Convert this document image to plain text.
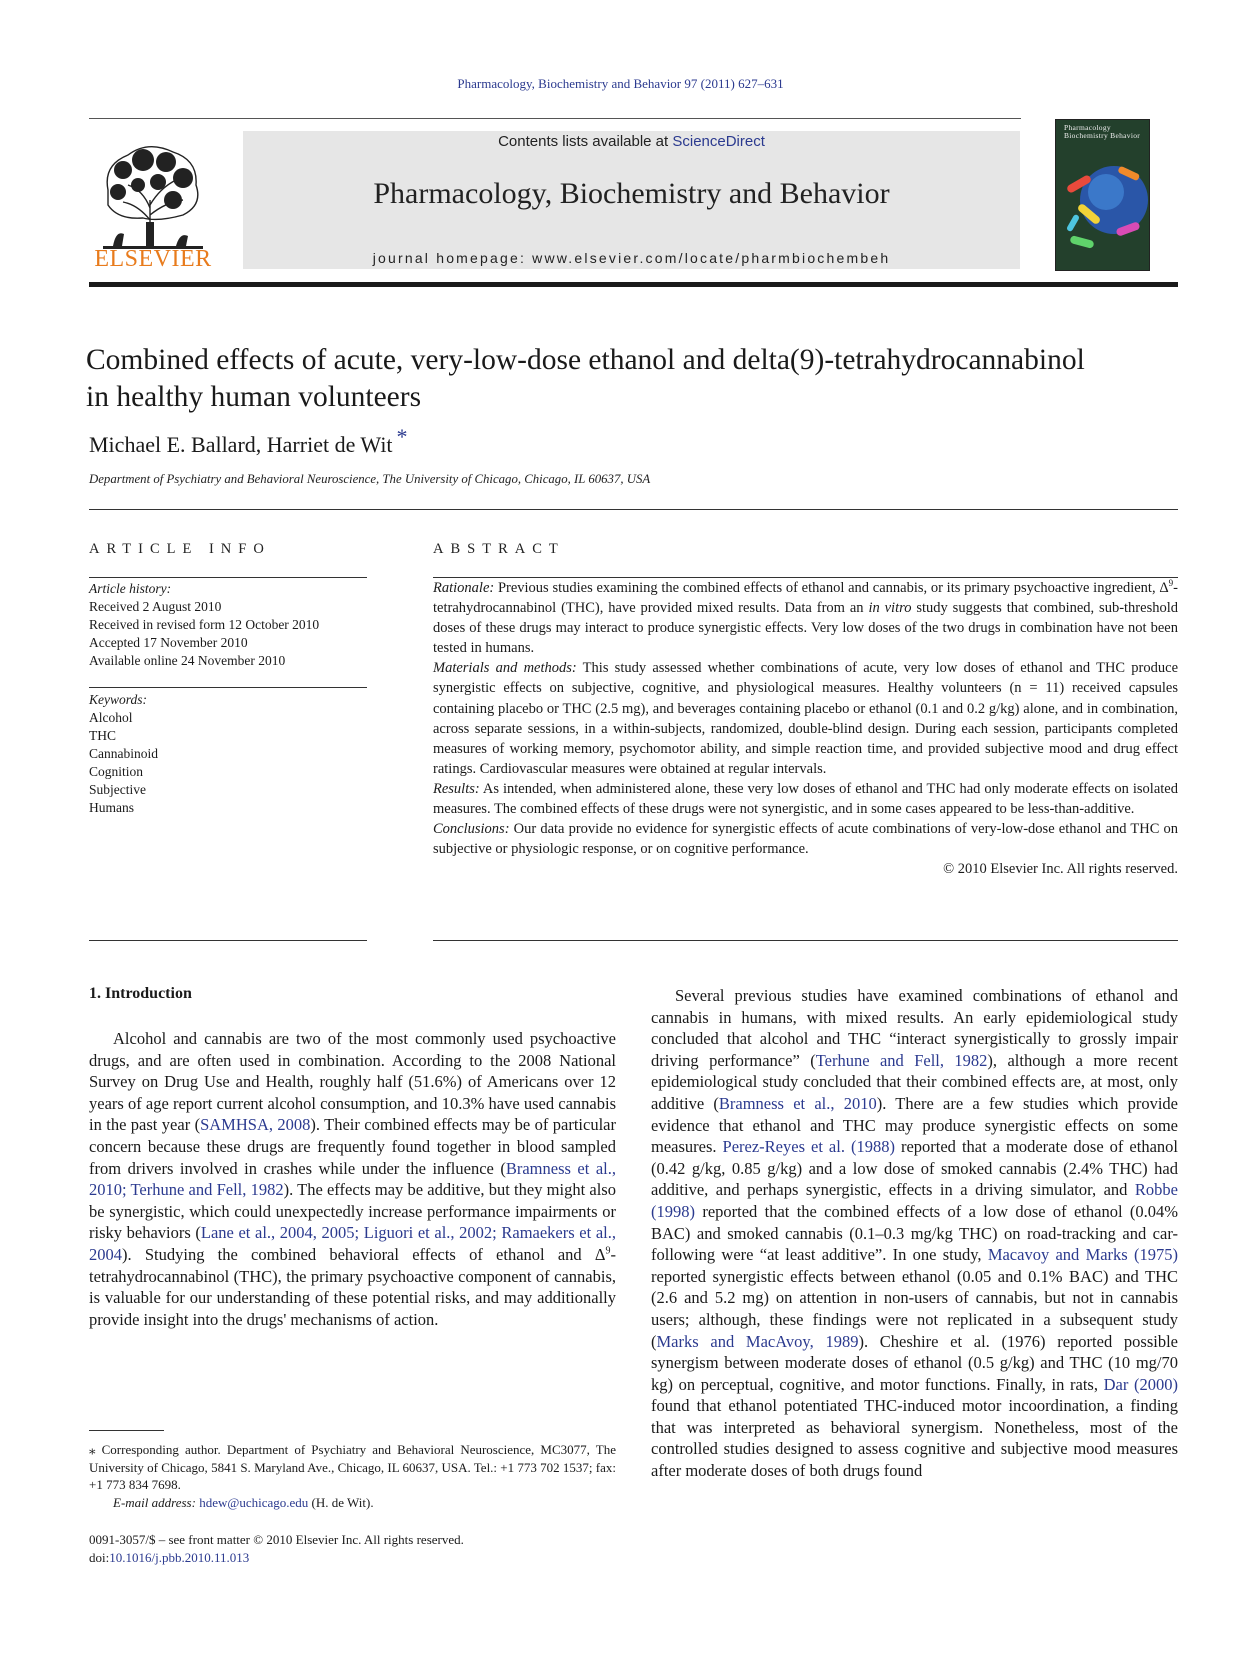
Pharmacology, Biochemistry and Behavior 97 (2011) 627–631
ELSEVIER
Contents lists available at ScienceDirect
Pharmacology, Biochemistry and Behavior
journal homepage: www.elsevier.com/locate/pharmbiochembeh
Pharmacology Biochemistry Behavior
Combined effects of acute, very-low-dose ethanol and delta(9)-tetrahydrocannabinol
in healthy human volunteers
Michael E. Ballard, Harriet de Wit *
Department of Psychiatry and Behavioral Neuroscience, The University of Chicago, Chicago, IL 60637, USA
ARTICLE INFO	ABSTRACT
Article history:
Received 2 August 2010
Received in revised form 12 October 2010
Accepted 17 November 2010
Available online 24 November 2010
Keywords:
Alcohol
THC
Cannabinoid
Cognition
Subjective
Humans

Rationale: Previous studies examining the combined effects of ethanol and cannabis, or its primary psychoactive ingredient, $\Delta^9$-tetrahydrocannabinol (THC), have provided mixed results. Data from an in vitro study suggests that combined, sub-threshold doses of these drugs may interact to produce synergistic effects. Very low doses of the two drugs in combination have not been tested in humans.

Materials and methods: This study assessed whether combinations of acute, very low doses of ethanol and THC produce synergistic effects on subjective, cognitive, and physiological measures. Healthy volunteers (n = 11) received capsules containing placebo or THC (2.5 mg), and beverages containing placebo or ethanol (0.1 and 0.2 g/kg) alone, and in combination, across separate sessions, in a within-subjects, randomized, double-blind design. During each session, participants completed measures of working memory, psychomotor ability, and simple reaction time, and provided subjective mood and drug effect ratings. Cardiovascular measures were obtained at regular intervals.

Results: As intended, when administered alone, these very low doses of ethanol and THC had only moderate effects on isolated measures. The combined effects of these drugs were not synergistic, and in some cases appeared to be less-than-additive.

Conclusions: Our data provide no evidence for synergistic effects of acute combinations of very-low-dose ethanol and THC on subjective or physiologic response, or on cognitive performance.

© 2010 Elsevier Inc. All rights reserved.

1. Introduction

Alcohol and cannabis are two of the most commonly used psychoactive drugs, and are often used in combination. According to the 2008 National Survey on Drug Use and Health, roughly half (51.6%) of Americans over 12 years of age report current alcohol consumption, and 10.3% have used cannabis in the past year (SAMHSA, 2008). Their combined effects may be of particular concern because these drugs are frequently found together in blood sampled from drivers involved in crashes while under the influence (Bramness et al., 2010; Terhune and Fell, 1982). The effects may be additive, but they might also be synergistic, which could unexpectedly increase performance impairments or risky behaviors (Lane et al., 2004, 2005; Liguori et al., 2002; Ramaekers et al., 2004). Studying the combined behavioral effects of ethanol and $\Delta^9$-tetrahydrocannabinol (THC), the primary psychoactive component of cannabis, is valuable for our understanding of these potential risks, and may additionally provide insight into the drugs' mechanisms of action.

Several previous studies have examined combinations of ethanol and cannabis in humans, with mixed results. An early epidemiological study concluded that alcohol and THC “interact synergistically to grossly impair driving performance” (Terhune and Fell, 1982), although a more recent epidemiological study concluded that their combined effects are, at most, only additive (Bramness et al., 2010). There are a few studies which provide evidence that ethanol and THC may produce synergistic effects on some measures. Perez-Reyes et al. (1988) reported that a moderate dose of ethanol (0.42 g/kg, 0.85 g/kg) and a low dose of smoked cannabis (2.4% THC) had additive, and perhaps synergistic, effects in a driving simulator, and Robbe (1998) reported that the combined effects of a low dose of ethanol (0.04% BAC) and smoked cannabis (0.1–0.3 mg/kg THC) on road-tracking and car-following were “at least additive”. In one study, Macavoy and Marks (1975) reported synergistic effects between ethanol (0.05 and 0.1% BAC) and THC (2.6 and 5.2 mg) on attention in non-users of cannabis, but not in cannabis users; although, these findings were not replicated in a subsequent study (Marks and MacAvoy, 1989). Cheshire et al. (1976) reported possible synergism between moderate doses of ethanol (0.5 g/kg) and THC (10 mg/70 kg) on perceptual, cognitive, and motor functions. Finally, in rats, Dar (2000) found that ethanol potentiated THC-induced motor incoordination, a finding that was interpreted as behavioral synergism. Nonetheless, most of the controlled studies designed to assess cognitive and subjective mood measures after moderate doses of both drugs found

⁎ Corresponding author. Department of Psychiatry and Behavioral Neuroscience, MC3077, The University of Chicago, 5841 S. Maryland Ave., Chicago, IL 60637, USA. Tel.: +1 773 702 1537; fax: +1 773 834 7698.

E-mail address: hdew@uchicago.edu (H. de Wit).

0091-3057/$ – see front matter © 2010 Elsevier Inc. All rights reserved.
doi:10.1016/j.pbb.2010.11.013
